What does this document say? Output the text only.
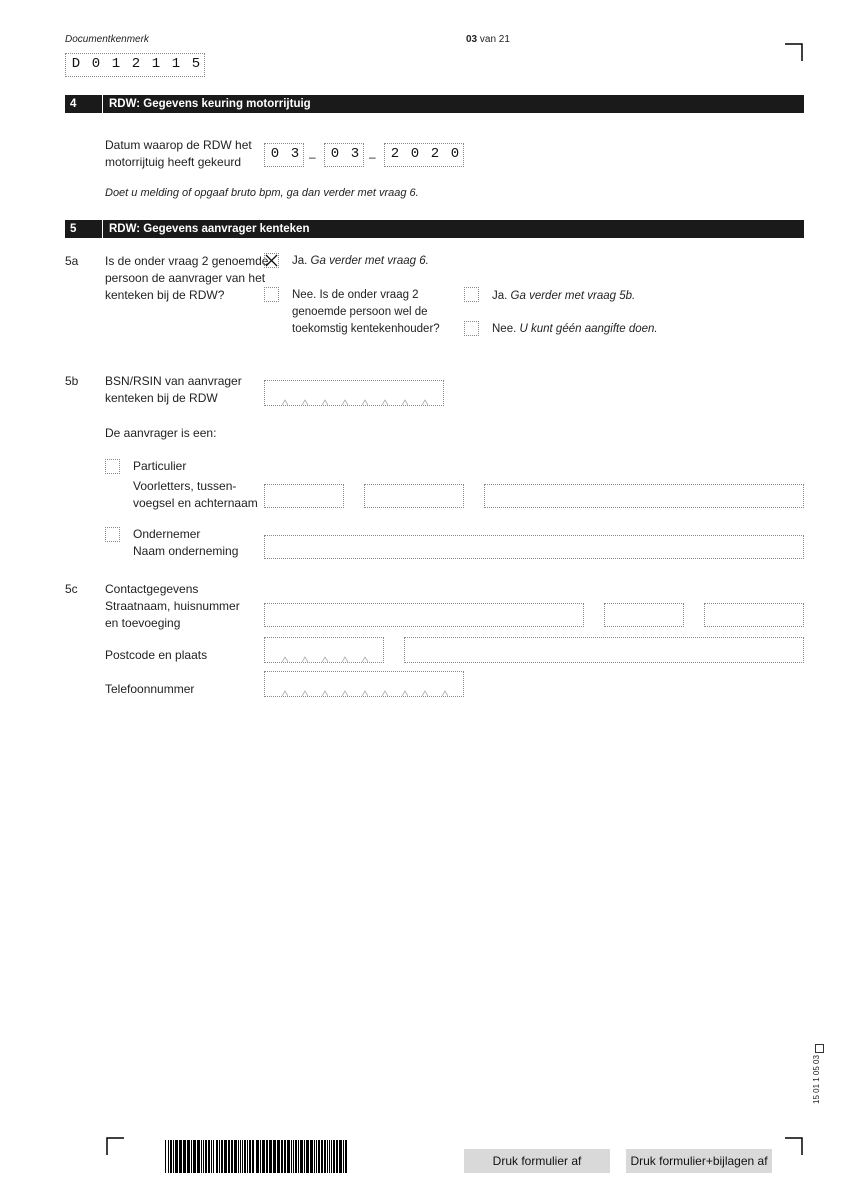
Documentkenmerk
D 0 1 2 1 1 5
03 van 21
4	RDW: Gegevens keuring motorrijtuig
Datum waarop de RDW het
motorrijtuig heeft gekeurd	0 3 – 0 3 – 2 0 2 0
Doet u melding of opgaaf bruto bpm, ga dan verder met vraag 6.
5	RDW: Gegevens aanvrager kenteken
5a Is de onder vraag 2 genoemde
persoon de aanvrager van het
kenteken bij de RDW?
Ja. Ga verder met vraag 6.
Nee. Is de onder vraag 2
genoemde persoon wel de
toekomstig kentekenhouder?
Ja. Ga verder met vraag 5b.
Nee. U kunt géén aangifte doen.
5b BSN/RSIN van aanvrager
kenteken bij de RDW
De aanvrager is een:
Particulier
Voorletters, tussen-
voegsel en achternaam
Ondernemer
Naam onderneming
5c Contactgegevens
Straatnaam, huisnummer
en toevoeging
Postcode en plaats
Telefoonnummer
15 01 1 05 03
Druk formulier af	Druk formulier+bijlagen af
